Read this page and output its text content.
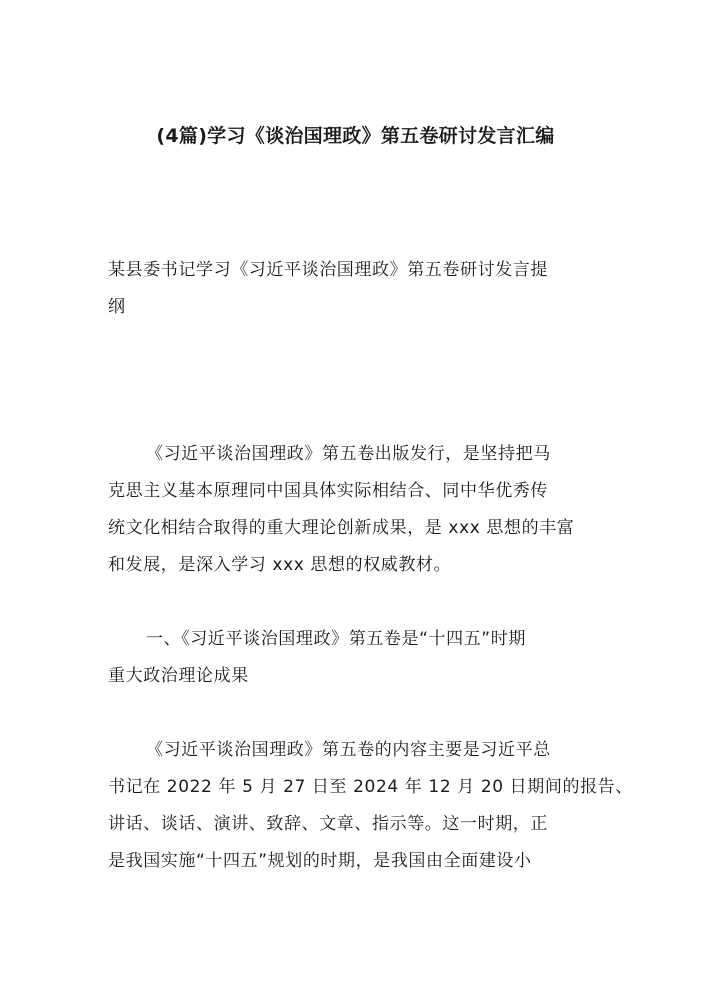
(4篇)学习《谈治国理政》第五卷研讨发言汇编
某县委书记学习《习近平谈治国理政》第五卷研讨发言提
纲
《习近平谈治国理政》第五卷出版发行，是坚持把马
克思主义基本原理同中国具体实际相结合、同中华优秀传
统文化相结合取得的重大理论创新成果，是 xxx 思想的丰富
和发展，是深入学习 xxx 思想的权威教材。
一、《习近平谈治国理政》第五卷是“十四五”时期
重大政治理论成果
《习近平谈治国理政》第五卷的内容主要是习近平总
书记在 2022 年 5 月 27 日至 2024 年 12 月 20 日期间的报告、
讲话、谈话、演讲、致辞、文章、指示等。这一时期，正
是我国实施“十四五”规划的时期，是我国由全面建设小
